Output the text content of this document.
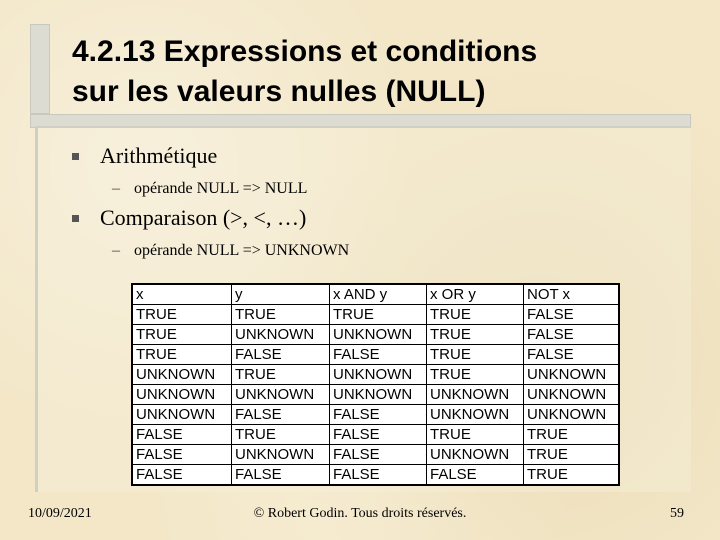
4.2.13 Expressions et conditions
sur les valeurs nulles (NULL)
Arithmétique
– opérande NULL => NULL
Comparaison (>, <, …)
– opérande NULL => UNKNOWN
x	y	x AND y	x OR y	NOT x
TRUE	TRUE	TRUE	TRUE	FALSE
TRUE	UNKNOWN	UNKNOWN	TRUE	FALSE
TRUE	FALSE	FALSE	TRUE	FALSE
UNKNOWN	TRUE	UNKNOWN	TRUE	UNKNOWN
UNKNOWN	UNKNOWN	UNKNOWN	UNKNOWN	UNKNOWN
UNKNOWN	FALSE	FALSE	UNKNOWN	UNKNOWN
FALSE	TRUE	FALSE	TRUE	TRUE
FALSE	UNKNOWN	FALSE	UNKNOWN	TRUE
FALSE	FALSE	FALSE	FALSE	TRUE
10/09/2021	© Robert Godin. Tous droits réservés.	59
